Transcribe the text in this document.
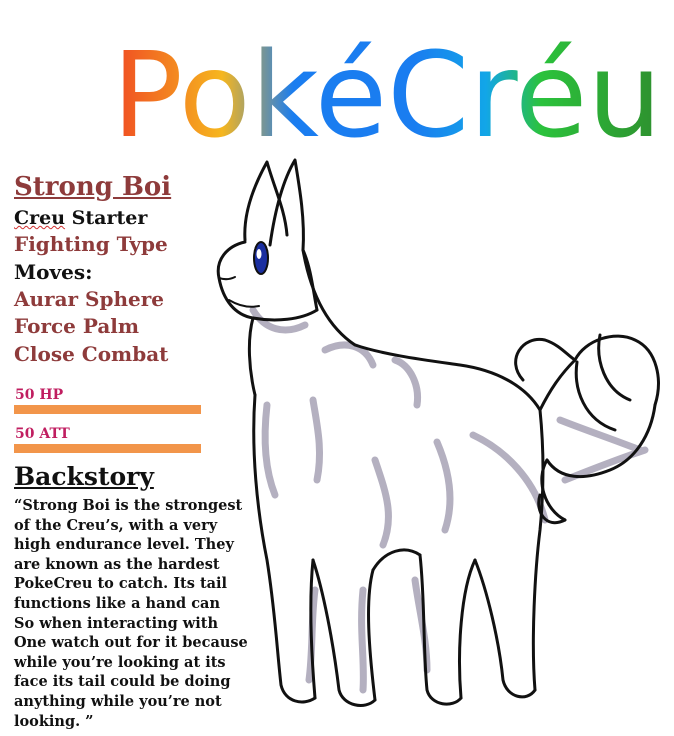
PokéCréu
Strong Boi
Creu Starter
Fighting Type
Moves:
Aurar Sphere
Force Palm
Close Combat
50 HP
50 ATT
Backstory

“Strong Boi is the strongest
of the Creu’s, with a very
high endurance level. They
are known as the hardest
PokeCreu to catch. Its tail
functions like a hand can
So when interacting with
One watch out for it because
while you’re looking at its
face its tail could be doing
anything while you’re not
looking. ”
